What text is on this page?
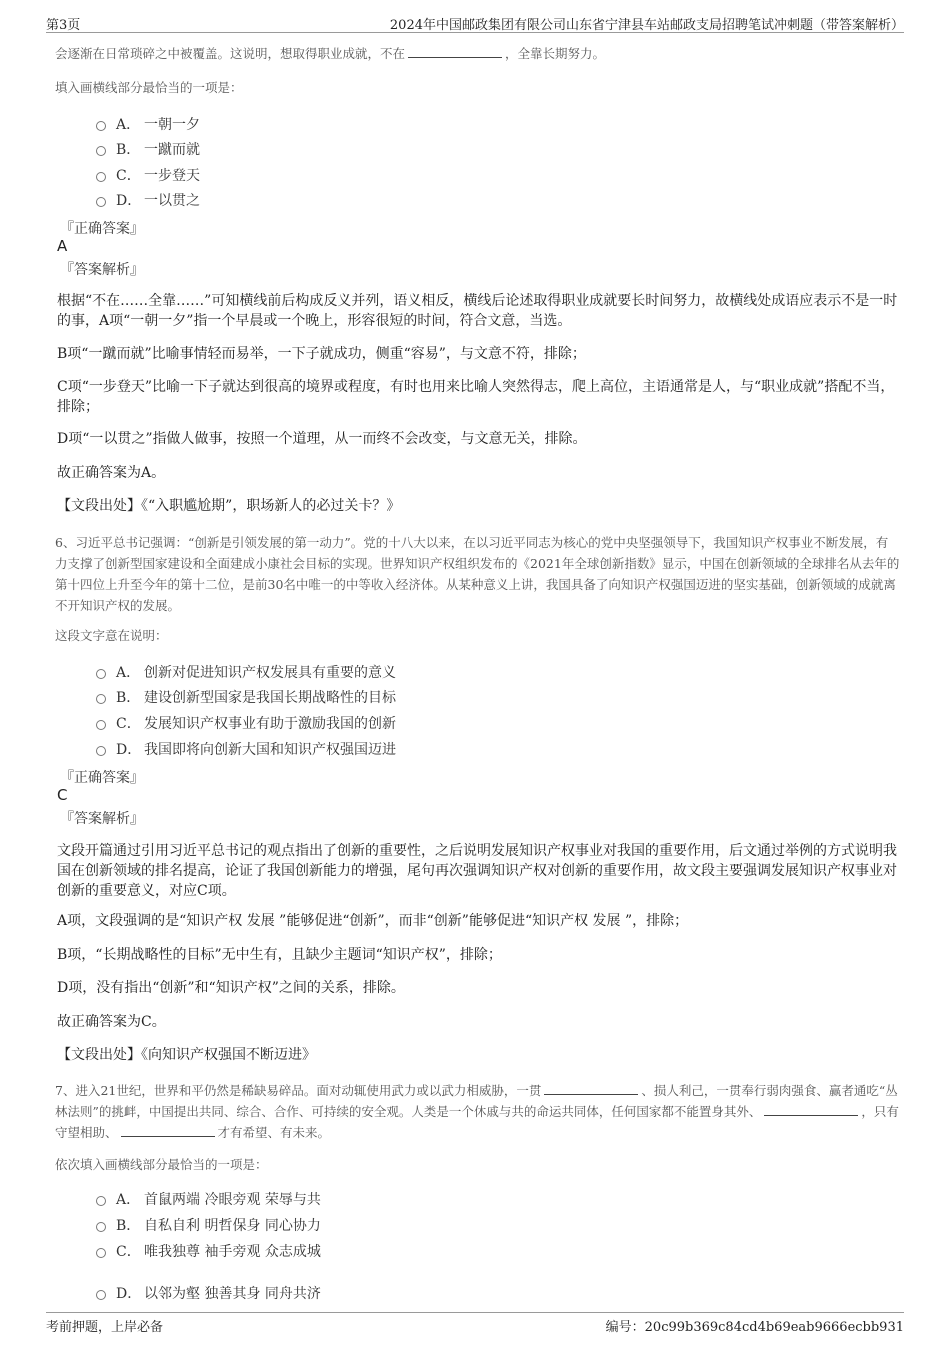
第3页	2024年中国邮政集团有限公司山东省宁津县车站邮政支局招聘笔试冲刺题（带答案解析）
会逐渐在日常琐碎之中被覆盖。这说明，想取得职业成就，不在	，全靠长期努力。
填入画横线部分最恰当的一项是：
A． 一朝一夕
B． 一蹴而就
C． 一步登天
D． 一以贯之
『正确答案』
A
『答案解析』
根据“不在……全靠……”可知横线前后构成反义并列，语义相反，横线后论述取得职业成就要长时间努力，故横线处成语应表示不是一时的事，A项“一朝一夕”指一个早晨或一个晚上，形容很短的时间，符合文意，当选。
B项“一蹴而就”比喻事情轻而易举，一下子就成功，侧重“容易”，与文意不符，排除；
C项“一步登天”比喻一下子就达到很高的境界或程度，有时也用来比喻人突然得志，爬上高位，主语通常是人，与“职业成就”搭配不当，排除；
D项“一以贯之”指做人做事，按照一个道理，从一而终不会改变，与文意无关，排除。
故正确答案为A。
【文段出处】《“入职尴尬期”，职场新人的必过关卡？》
6、习近平总书记强调：“创新是引领发展的第一动力”。党的十八大以来，在以习近平同志为核心的党中央坚强领导下，我国知识产权事业不断发展，有力支撑了创新型国家建设和全面建成小康社会目标的实现。世界知识产权组织发布的《2021年全球创新指数》显示，中国在创新领域的全球排名从去年的第十四位上升至今年的第十二位，是前30名中唯一的中等收入经济体。从某种意义上讲，我国具备了向知识产权强国迈进的坚实基础，创新领域的成就离不开知识产权的发展。
这段文字意在说明：
A． 创新对促进知识产权发展具有重要的意义
B． 建设创新型国家是我国长期战略性的目标
C． 发展知识产权事业有助于激励我国的创新
D． 我国即将向创新大国和知识产权强国迈进
『正确答案』
C
『答案解析』
文段开篇通过引用习近平总书记的观点指出了创新的重要性，之后说明发展知识产权事业对我国的重要作用，后文通过举例的方式说明我国在创新领域的排名提高，论证了我国创新能力的增强，尾句再次强调知识产权对创新的重要作用，故文段主要强调发展知识产权事业对创新的重要意义，对应C项。
A项，文段强调的是“知识产权 发展 ”能够促进“创新”，而非“创新”能够促进“知识产权 发展 ”，排除；
B项，“长期战略性的目标”无中生有，且缺少主题词“知识产权”，排除；
D项，没有指出“创新”和“知识产权”之间的关系，排除。
故正确答案为C。
【文段出处】《向知识产权强国不断迈进》
7、进入21世纪，世界和平仍然是稀缺易碎品。面对动辄使用武力或以武力相威胁，一贯	、损人利己，一贯奉行弱肉强食、赢者通吃“丛林法则”的挑衅，中国提出共同、综合、合作、可持续的安全观。人类是一个休戚与共的命运共同体，任何国家都不能置身其外、	，只有守望相助、	才有希望、有未来。
依次填入画横线部分最恰当的一项是：
A． 首鼠两端 冷眼旁观 荣辱与共
B． 自私自利 明哲保身 同心协力
C． 唯我独尊 袖手旁观 众志成城
D． 以邻为壑 独善其身 同舟共济
考前押题，上岸必备	编号：20c99b369c84cd4b69eab9666ecbb931
